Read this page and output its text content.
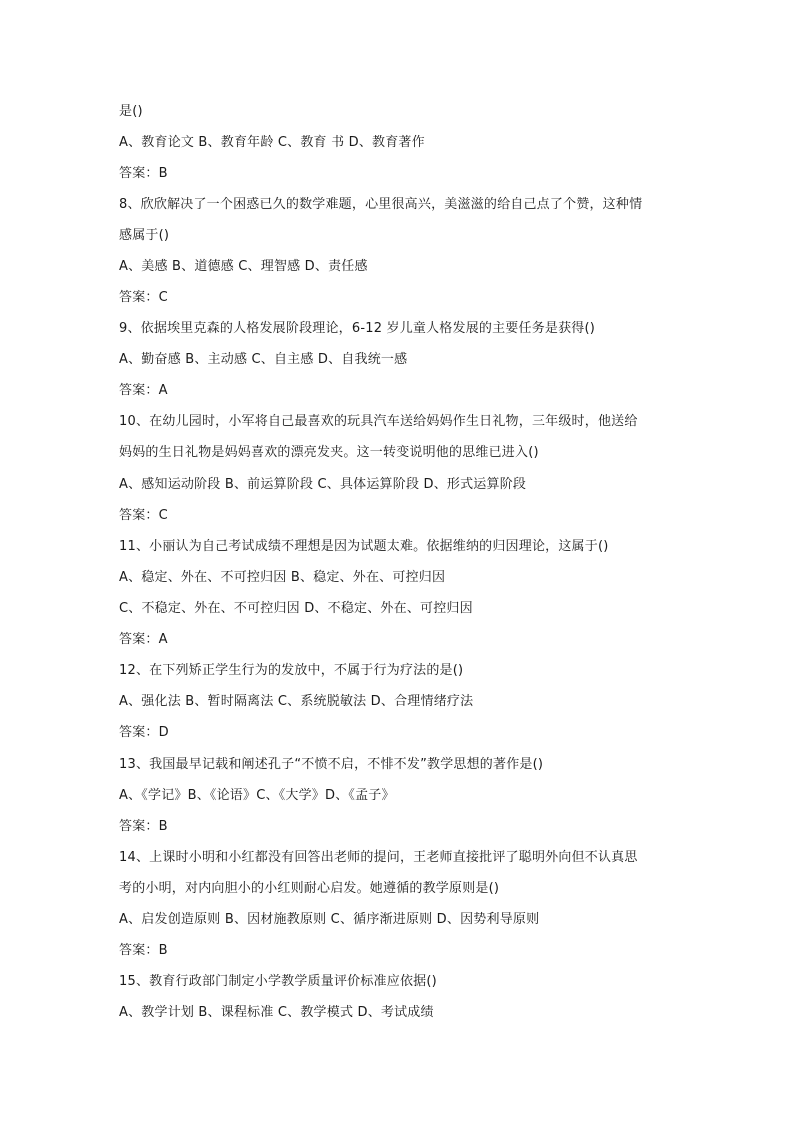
是()
A、教育论文 B、教育年龄 C、教育 书 D、教育著作
答案：B
8、欣欣解决了一个困惑已久的数学难题，心里很高兴，美滋滋的给自己点了个赞，这种情
感属于()
A、美感 B、道德感 C、理智感 D、责任感
答案：C
9、依据埃里克森的人格发展阶段理论，6-12 岁儿童人格发展的主要任务是获得()
A、勤奋感 B、主动感 C、自主感 D、自我统一感
答案：A
10、在幼儿园时，小军将自己最喜欢的玩具汽车送给妈妈作生日礼物，三年级时，他送给
妈妈的生日礼物是妈妈喜欢的漂亮发夹。这一转变说明他的思维已进入()
A、感知运动阶段 B、前运算阶段 C、具体运算阶段 D、形式运算阶段
答案：C
11、小丽认为自己考试成绩不理想是因为试题太难。依据维纳的归因理论，这属于()
A、稳定、外在、不可控归因 B、稳定、外在、可控归因
C、不稳定、外在、不可控归因 D、不稳定、外在、可控归因
答案：A
12、在下列矫正学生行为的发放中，不属于行为疗法的是()
A、强化法 B、暂时隔离法 C、系统脱敏法 D、合理情绪疗法
答案：D
13、我国最早记载和阐述孔子“不愤不启，不悱不发”教学思想的著作是()
A、《学记》B、《论语》C、《大学》D、《孟子》
答案：B
14、上课时小明和小红都没有回答出老师的提问，王老师直接批评了聪明外向但不认真思
考的小明，对内向胆小的小红则耐心启发。她遵循的教学原则是()
A、启发创造原则 B、因材施教原则 C、循序渐进原则 D、因势利导原则
答案：B
15、教育行政部门制定小学教学质量评价标准应依据()
A、教学计划 B、课程标准 C、教学模式 D、考试成绩
